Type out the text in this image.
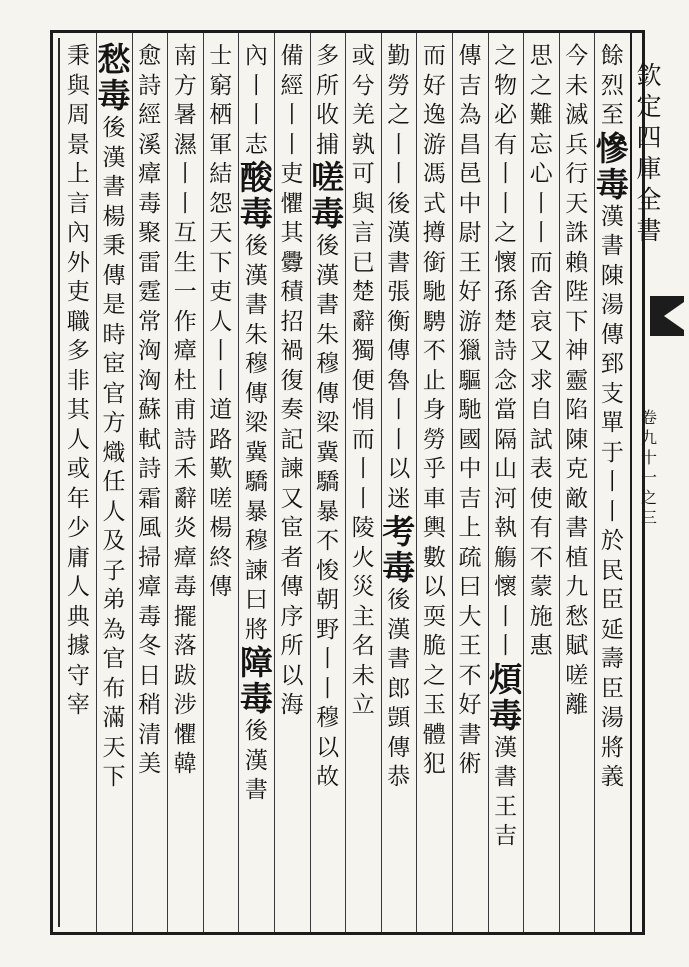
欽
定
四
庫
全
書
卷
九
十
一
之
三
餘
烈
至
慘
毒
漢
書
陳
湯
傳
郅
支
單
于
丨
丨
於
民
臣
延
壽
臣
湯
將
義
今
未
滅
兵
行
天
誅
賴
陛
下
神
靈
陷
陳
克
敵
書
植
九
愁
賦
嗟
離
思
之
難
忘
心
丨
丨
而
舍
哀
又
求
自
試
表
使
有
不
蒙
施
惠
之
物
必
有
丨
丨
之
懷
孫
楚
詩
念
當
隔
山
河
執
觴
懷
丨
丨
煩
毒
漢
書
王
吉
傳
吉
為
昌
邑
中
尉
王
好
游
獵
驅
馳
國
中
吉
上
疏
曰
大
王
不
好
書
術
而
好
逸
游
馮
式
撙
銜
馳
騁
不
止
身
勞
乎
車
輿
數
以
耎
脆
之
玉
體
犯
勤
勞
之
丨
丨
後
漢
書
張
衡
傳
魯
丨
丨
以
迷
考
毒
後
漢
書
郎
顗
傳
恭
或
兮
羌
孰
可
與
言
已
楚
辭
獨
便
悁
而
丨
丨
陵
火
災
主
名
未
立
多
所
收
捕
嗟
毒
後
漢
書
朱
穆
傳
梁
冀
驕
暴
不
悛
朝
野
丨
丨
穆
以
故
備
經
丨
丨
吏
懼
其
釁
積
招
禍
復
奏
記
諫
又
宦
者
傳
序
所
以
海
內
丨
丨
志
酸
毒
後
漢
書
朱
穆
傳
梁
冀
驕
暴
穆
諫
曰
將
障
毒
後
漢
書
士
窮
栖
軍
結
怨
天
下
吏
人
丨
丨
道
路
歎
嗟
楊
終
傳
南
方
暑
濕
丨
丨
互
生
一
作
瘴
杜
甫
詩
禾
辭
炎
瘴
毒
擺
落
跋
涉
懼
韓
愈
詩
經
溪
瘴
毒
聚
雷
霆
常
洶
洶
蘇
軾
詩
霜
風
掃
瘴
毒
冬
日
稍
清
美
愁
毒
後
漢
書
楊
秉
傳
是
時
宦
官
方
熾
任
人
及
子
弟
為
官
布
滿
天
下
秉
與
周
景
上
言
內
外
吏
職
多
非
其
人
或
年
少
庸
人
典
據
守
宰
